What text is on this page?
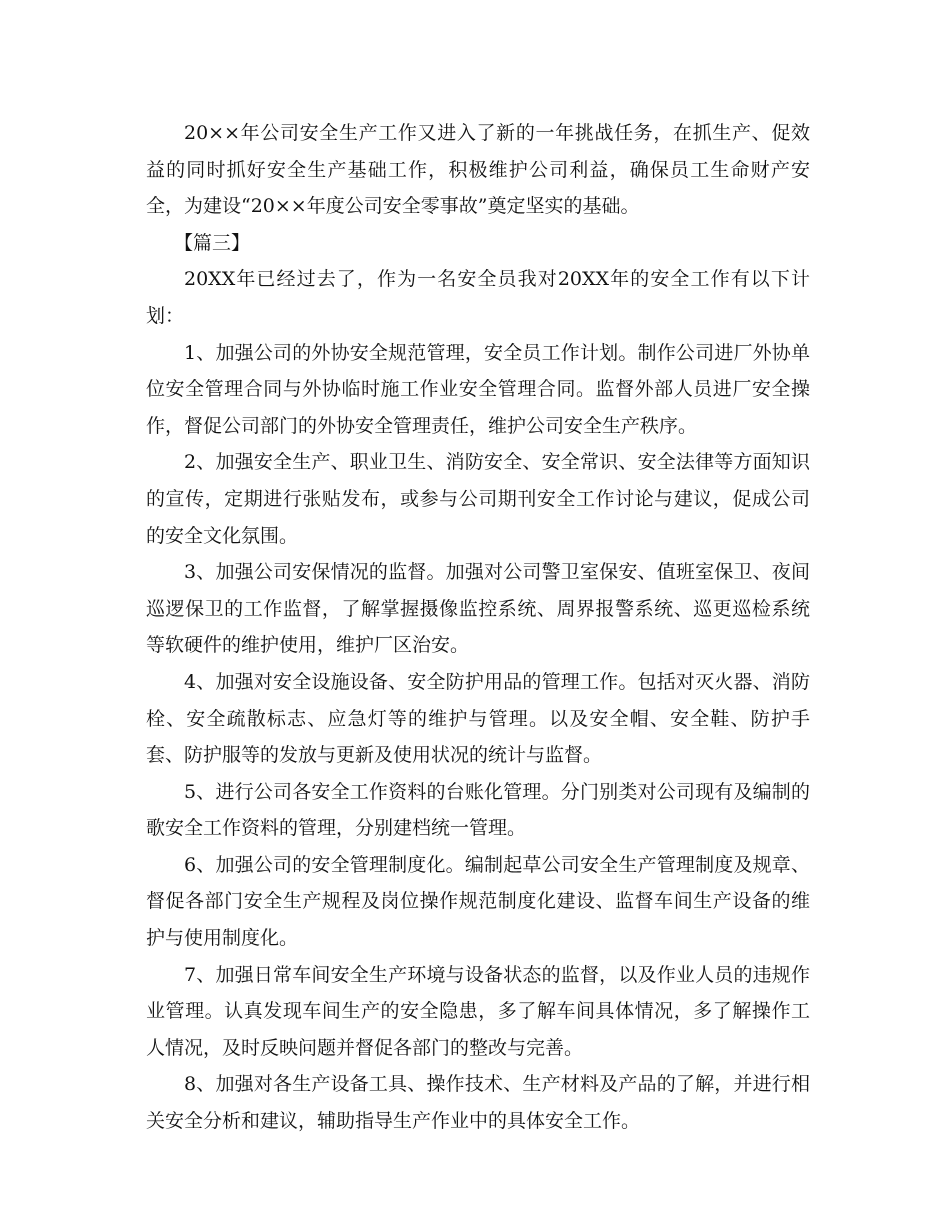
20××年公司安全生产工作又进入了新的一年挑战任务，在抓生产、促效益的同时抓好安全生产基础工作，积极维护公司利益，确保员工生命财产安全，为建设“20××年度公司安全零事故”奠定坚实的基础。

【篇三】

20XX年已经过去了，作为一名安全员我对20XX年的安全工作有以下计划：

1、加强公司的外协安全规范管理，安全员工作计划。制作公司进厂外协单位安全管理合同与外协临时施工作业安全管理合同。监督外部人员进厂安全操作，督促公司部门的外协安全管理责任，维护公司安全生产秩序。

2、加强安全生产、职业卫生、消防安全、安全常识、安全法律等方面知识的宣传，定期进行张贴发布，或参与公司期刊安全工作讨论与建议，促成公司的安全文化氛围。

3、加强公司安保情况的监督。加强对公司警卫室保安、值班室保卫、夜间巡逻保卫的工作监督，了解掌握摄像监控系统、周界报警系统、巡更巡检系统等软硬件的维护使用，维护厂区治安。

4、加强对安全设施设备、安全防护用品的管理工作。包括对灭火器、消防栓、安全疏散标志、应急灯等的维护与管理。以及安全帽、安全鞋、防护手套、防护服等的发放与更新及使用状况的统计与监督。

5、进行公司各安全工作资料的台账化管理。分门别类对公司现有及编制的歌安全工作资料的管理，分别建档统一管理。

6、加强公司的安全管理制度化。编制起草公司安全生产管理制度及规章、督促各部门安全生产规程及岗位操作规范制度化建设、监督车间生产设备的维护与使用制度化。

7、加强日常车间安全生产环境与设备状态的监督，以及作业人员的违规作业管理。认真发现车间生产的安全隐患，多了解车间具体情况，多了解操作工人情况，及时反映问题并督促各部门的整改与完善。

8、加强对各生产设备工具、操作技术、生产材料及产品的了解，并进行相关安全分析和建议，辅助指导生产作业中的具体安全工作。
